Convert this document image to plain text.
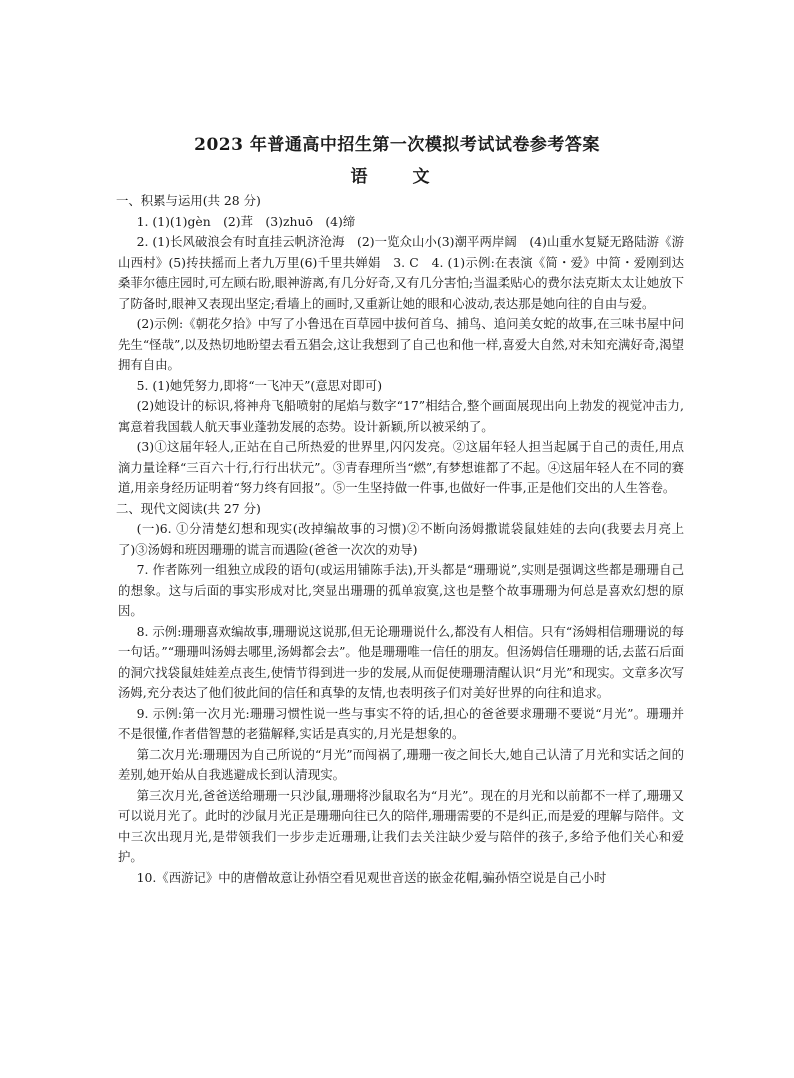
2023 年普通高中招生第一次模拟考试试卷参考答案
语　文
一、积累与运用(共 28 分)
1. (1)(1)gèn　(2)茸　(3)zhuō　(4)缔
2. (1)长风破浪会有时直挂云帆济沧海　(2)一览众山小(3)潮平两岸阔　(4)山重水复疑无路陆游《游山西村》(5)抟扶摇而上者九万里(6)千里共婵娟　3. C　4. (1)示例:在表演《简・爱》中简・爱刚到达桑菲尔德庄园时,可左顾右盼,眼神游离,有几分好奇,又有几分害怕;当温柔贴心的费尔法克斯太太让她放下了防备时,眼神又表现出坚定;看墙上的画时,又重新让她的眼和心波动,表达那是她向往的自由与爱。
(2)示例:《朝花夕拾》中写了小鲁迅在百草园中拔何首乌、捕鸟、追问美女蛇的故事,在三味书屋中问先生“怪哉”,以及热切地盼望去看五猖会,这让我想到了自己也和他一样,喜爱大自然,对未知充满好奇,渴望拥有自由。
5. (1)她凭努力,即将“一飞冲天”(意思对即可)
(2)她设计的标识,将神舟飞船喷射的尾焰与数字“17”相结合,整个画面展现出向上勃发的视觉冲击力,寓意着我国载人航天事业蓬勃发展的态势。设计新颖,所以被采纳了。
(3)①这届年轻人,正站在自己所热爱的世界里,闪闪发亮。②这届年轻人担当起属于自己的责任,用点滴力量诠释“三百六十行,行行出状元”。③青春理所当“燃”,有梦想谁都了不起。④这届年轻人在不同的赛道,用亲身经历证明着“努力终有回报”。⑤一生坚持做一件事,也做好一件事,正是他们交出的人生答卷。
二、现代文阅读(共 27 分)
(一)6. ①分清楚幻想和现实(改掉编故事的习惯)②不断向汤姆撒谎袋鼠娃娃的去向(我要去月亮上了)③汤姆和班因珊珊的谎言而遇险(爸爸一次次的劝导)
7. 作者陈列一组独立成段的语句(或运用铺陈手法),开头都是“珊珊说”,实则是强调这些都是珊珊自己的想象。这与后面的事实形成对比,突显出珊珊的孤单寂寞,这也是整个故事珊珊为何总是喜欢幻想的原因。
8. 示例:珊珊喜欢编故事,珊珊说这说那,但无论珊珊说什么,都没有人相信。只有“汤姆相信珊珊说的每一句话。”“珊珊叫汤姆去哪里,汤姆都会去”。他是珊珊唯一信任的朋友。但汤姆信任珊珊的话,去蓝石后面的洞穴找袋鼠娃娃差点丧生,使情节得到进一步的发展,从而促使珊珊清醒认识“月光”和现实。文章多次写汤姆,充分表达了他们彼此间的信任和真挚的友情,也表明孩子们对美好世界的向往和追求。
9. 示例:第一次月光:珊珊习惯性说一些与事实不符的话,担心的爸爸要求珊珊不要说“月光”。珊珊并不是很懂,作者借智慧的老猫解释,实话是真实的,月光是想象的。
第二次月光:珊珊因为自己所说的“月光”而闯祸了,珊珊一夜之间长大,她自己认清了月光和实话之间的差别,她开始从自我逃避成长到认清现实。
第三次月光,爸爸送给珊珊一只沙鼠,珊珊将沙鼠取名为“月光”。现在的月光和以前都不一样了,珊珊又可以说月光了。此时的沙鼠月光正是珊珊向往已久的陪伴,珊珊需要的不是纠正,而是爱的理解与陪伴。文中三次出现月光,是带领我们一步步走近珊珊,让我们去关注缺少爱与陪伴的孩子,多给予他们关心和爱护。
10.《西游记》中的唐僧故意让孙悟空看见观世音送的嵌金花帽,骗孙悟空说是自己小时
